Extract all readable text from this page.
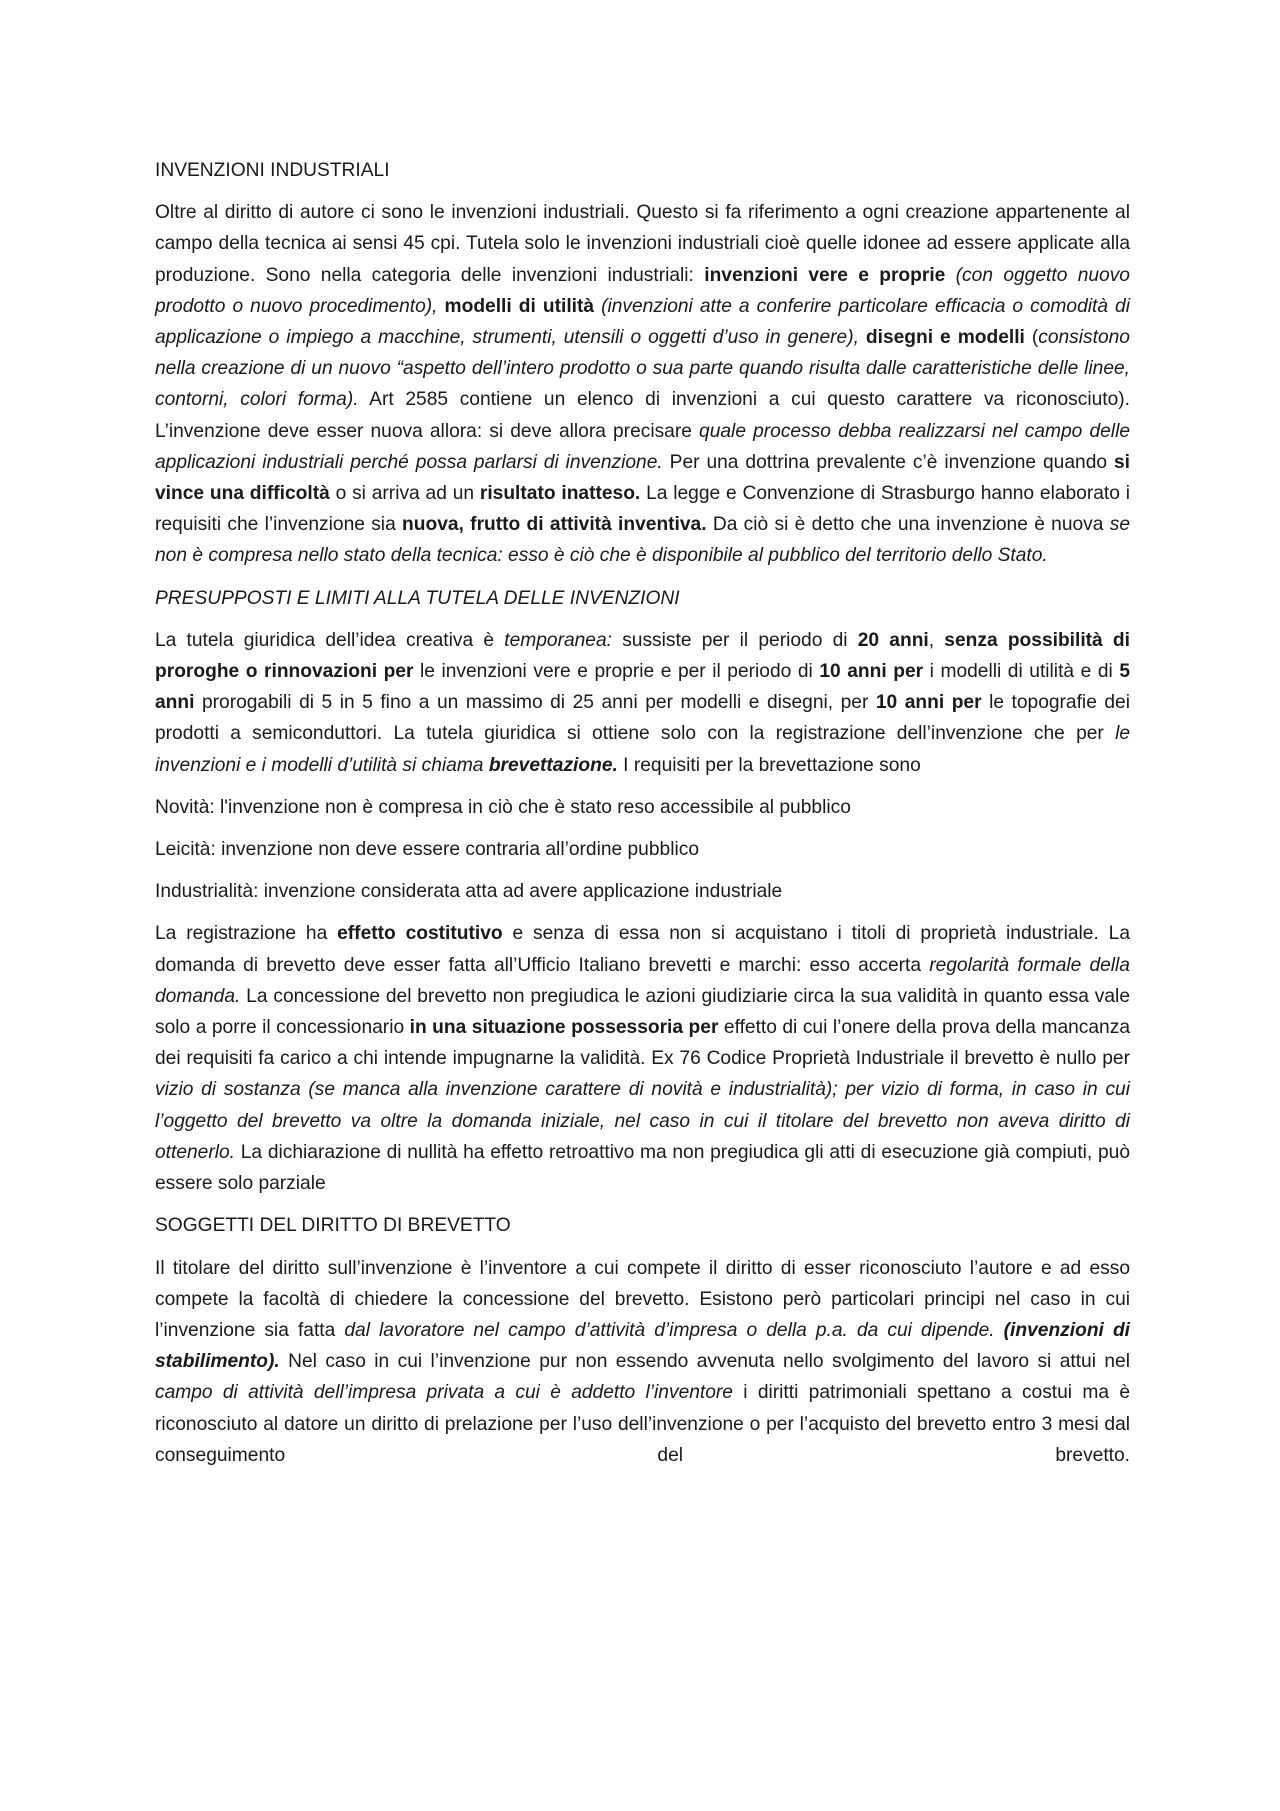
INVENZIONI INDUSTRIALI

Oltre al diritto di autore ci sono le invenzioni industriali. Questo si fa riferimento a ogni creazione appartenente al campo della tecnica ai sensi 45 cpi. Tutela solo le invenzioni industriali cioè quelle idonee ad essere applicate alla produzione. Sono nella categoria delle invenzioni industriali: invenzioni vere e proprie (con oggetto nuovo prodotto o nuovo procedimento), modelli di utilità (invenzioni atte a conferire particolare efficacia o comodità di applicazione o impiego a macchine, strumenti, utensili o oggetti d’uso in genere), disegni e modelli (consistono nella creazione di un nuovo “aspetto dell’intero prodotto o sua parte quando risulta dalle caratteristiche delle linee, contorni, colori forma). Art 2585 contiene un elenco di invenzioni a cui questo carattere va riconosciuto). L’invenzione deve esser nuova allora: si deve allora precisare quale processo debba realizzarsi nel campo delle applicazioni industriali perché possa parlarsi di invenzione. Per una dottrina prevalente c’è invenzione quando si vince una difficoltà o si arriva ad un risultato inatteso. La legge e Convenzione di Strasburgo hanno elaborato i requisiti che l’invenzione sia nuova, frutto di attività inventiva. Da ciò si è detto che una invenzione è nuova se non è compresa nello stato della tecnica: esso è ciò che è disponibile al pubblico del territorio dello Stato.

PRESUPPOSTI E LIMITI ALLA TUTELA DELLE INVENZIONI

La tutela giuridica dell’idea creativa è temporanea: sussiste per il periodo di 20 anni, senza possibilità di proroghe o rinnovazioni per le invenzioni vere e proprie e per il periodo di 10 anni per i modelli di utilità e di 5 anni prorogabili di 5 in 5 fino a un massimo di 25 anni per modelli e disegni, per 10 anni per le topografie dei prodotti a semiconduttori. La tutela giuridica si ottiene solo con la registrazione dell’invenzione che per le invenzioni e i modelli d’utilità si chiama brevettazione. I requisiti per la brevettazione sono

Novità: l'invenzione non è compresa in ciò che è stato reso accessibile al pubblico

Leicità: invenzione non deve essere contraria all’ordine pubblico

Industrialità: invenzione considerata atta ad avere applicazione industriale

La registrazione ha effetto costitutivo e senza di essa non si acquistano i titoli di proprietà industriale. La domanda di brevetto deve esser fatta all’Ufficio Italiano brevetti e marchi: esso accerta regolarità formale della domanda. La concessione del brevetto non pregiudica le azioni giudiziarie circa la sua validità in quanto essa vale solo a porre il concessionario in una situazione possessoria per effetto di cui l’onere della prova della mancanza dei requisiti fa carico a chi intende impugnarne la validità. Ex 76 Codice Proprietà Industriale il brevetto è nullo per vizio di sostanza (se manca alla invenzione carattere di novità e industrialità); per vizio di forma, in caso in cui l’oggetto del brevetto va oltre la domanda iniziale, nel caso in cui il titolare del brevetto non aveva diritto di ottenerlo. La dichiarazione di nullità ha effetto retroattivo ma non pregiudica gli atti di esecuzione già compiuti, può essere solo parziale

SOGGETTI DEL DIRITTO DI BREVETTO

Il titolare del diritto sull’invenzione è l’inventore a cui compete il diritto di esser riconosciuto l’autore e ad esso compete la facoltà di chiedere la concessione del brevetto. Esistono però particolari principi nel caso in cui l’invenzione sia fatta dal lavoratore nel campo d’attività d’impresa o della p.a. da cui dipende. (invenzioni di stabilimento). Nel caso in cui l’invenzione pur non essendo avvenuta nello svolgimento del lavoro si attui nel campo di attività dell’impresa privata a cui è addetto l’inventore i diritti patrimoniali spettano a costui ma è riconosciuto al datore un diritto di prelazione per l’uso dell’invenzione o per l’acquisto del brevetto entro 3 mesi dal conseguimento del brevetto.
